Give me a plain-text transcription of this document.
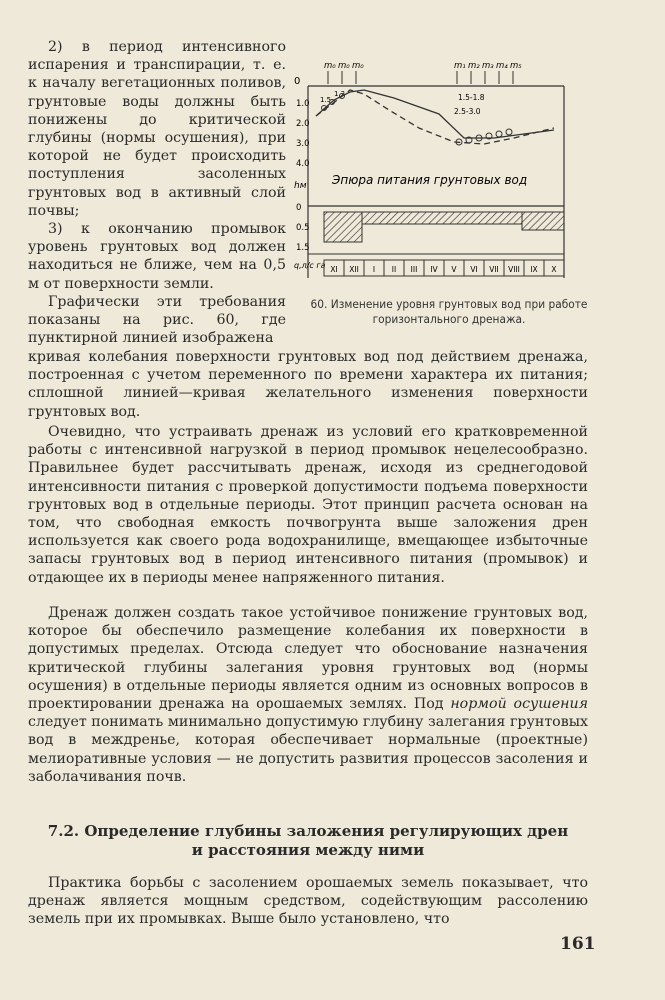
2) в период интенсивного испарения и транспирации, т. е. к началу вегетационных поливов, грунтовые воды должны быть понижены до критической глубины (нормы осушения), при которой не будет происходить поступления засоленных грунтовых вод в активный слой почвы;

3) к окончанию промывок уровень грунтовых вод должен находиться не ближе, чем на 0,5 м от поверхности земли.

Графически эти требования показаны на рис. 60, где пунктирной линией изображена

0
1.0
2.0
3.0
4.0
hм
m₀ m₀ m₀	m₁ m₂ m₃ m₄ m₅
1.5-1.8
2.5-3.0
1.5
1.2
Эпюра питания грунтовых вод
0
0.5
1.5
q,л/с га XI XII I II III IV V VI VII VIII IX X
60. Изменение уровня грунтовых вод при работе горизонтального дренажа.

кривая колебания поверхности грунтовых вод под действием дренажа, построенная с учетом переменного по времени характера их питания; сплошной линией—кривая желательного изменения поверхности грунтовых вод.

Очевидно, что устраивать дренаж из условий его кратковременной работы с интенсивной нагрузкой в период промывок нецелесообразно. Правильнее будет рассчитывать дренаж, исходя из среднегодовой интенсивности питания с проверкой допустимости подъема поверхности грунтовых вод в отдельные периоды. Этот принцип расчета основан на том, что свободная емкость почвогрунта выше заложения дрен используется как своего рода водохранилище, вмещающее избыточные запасы грунтовых вод в период интенсивного питания (промывок) и отдающее их в периоды менее напряженного питания.

Дренаж должен создать такое устойчивое понижение грунтовых вод, которое бы обеспечило размещение колебания их поверхности в допустимых пределах. Отсюда следует что обоснование назначения критической глубины залегания уровня грунтовых вод (нормы осушения) в отдельные периоды является одним из основных вопросов в проектировании дренажа на орошаемых землях. Под нормой осушения следует понимать минимально допустимую глубину залегания грунтовых вод в междренье, которая обеспечивает нормальные (проектные) мелиоративные условия — не допустить развития процессов засоления и заболачивания почв.

7.2. Определение глубины заложения регулирующих дрен
и расстояния между ними

Практика борьбы с засолением орошаемых земель показывает, что дренаж является мощным средством, содействующим рассолению земель при их промывках. Выше было установлено, что

161
